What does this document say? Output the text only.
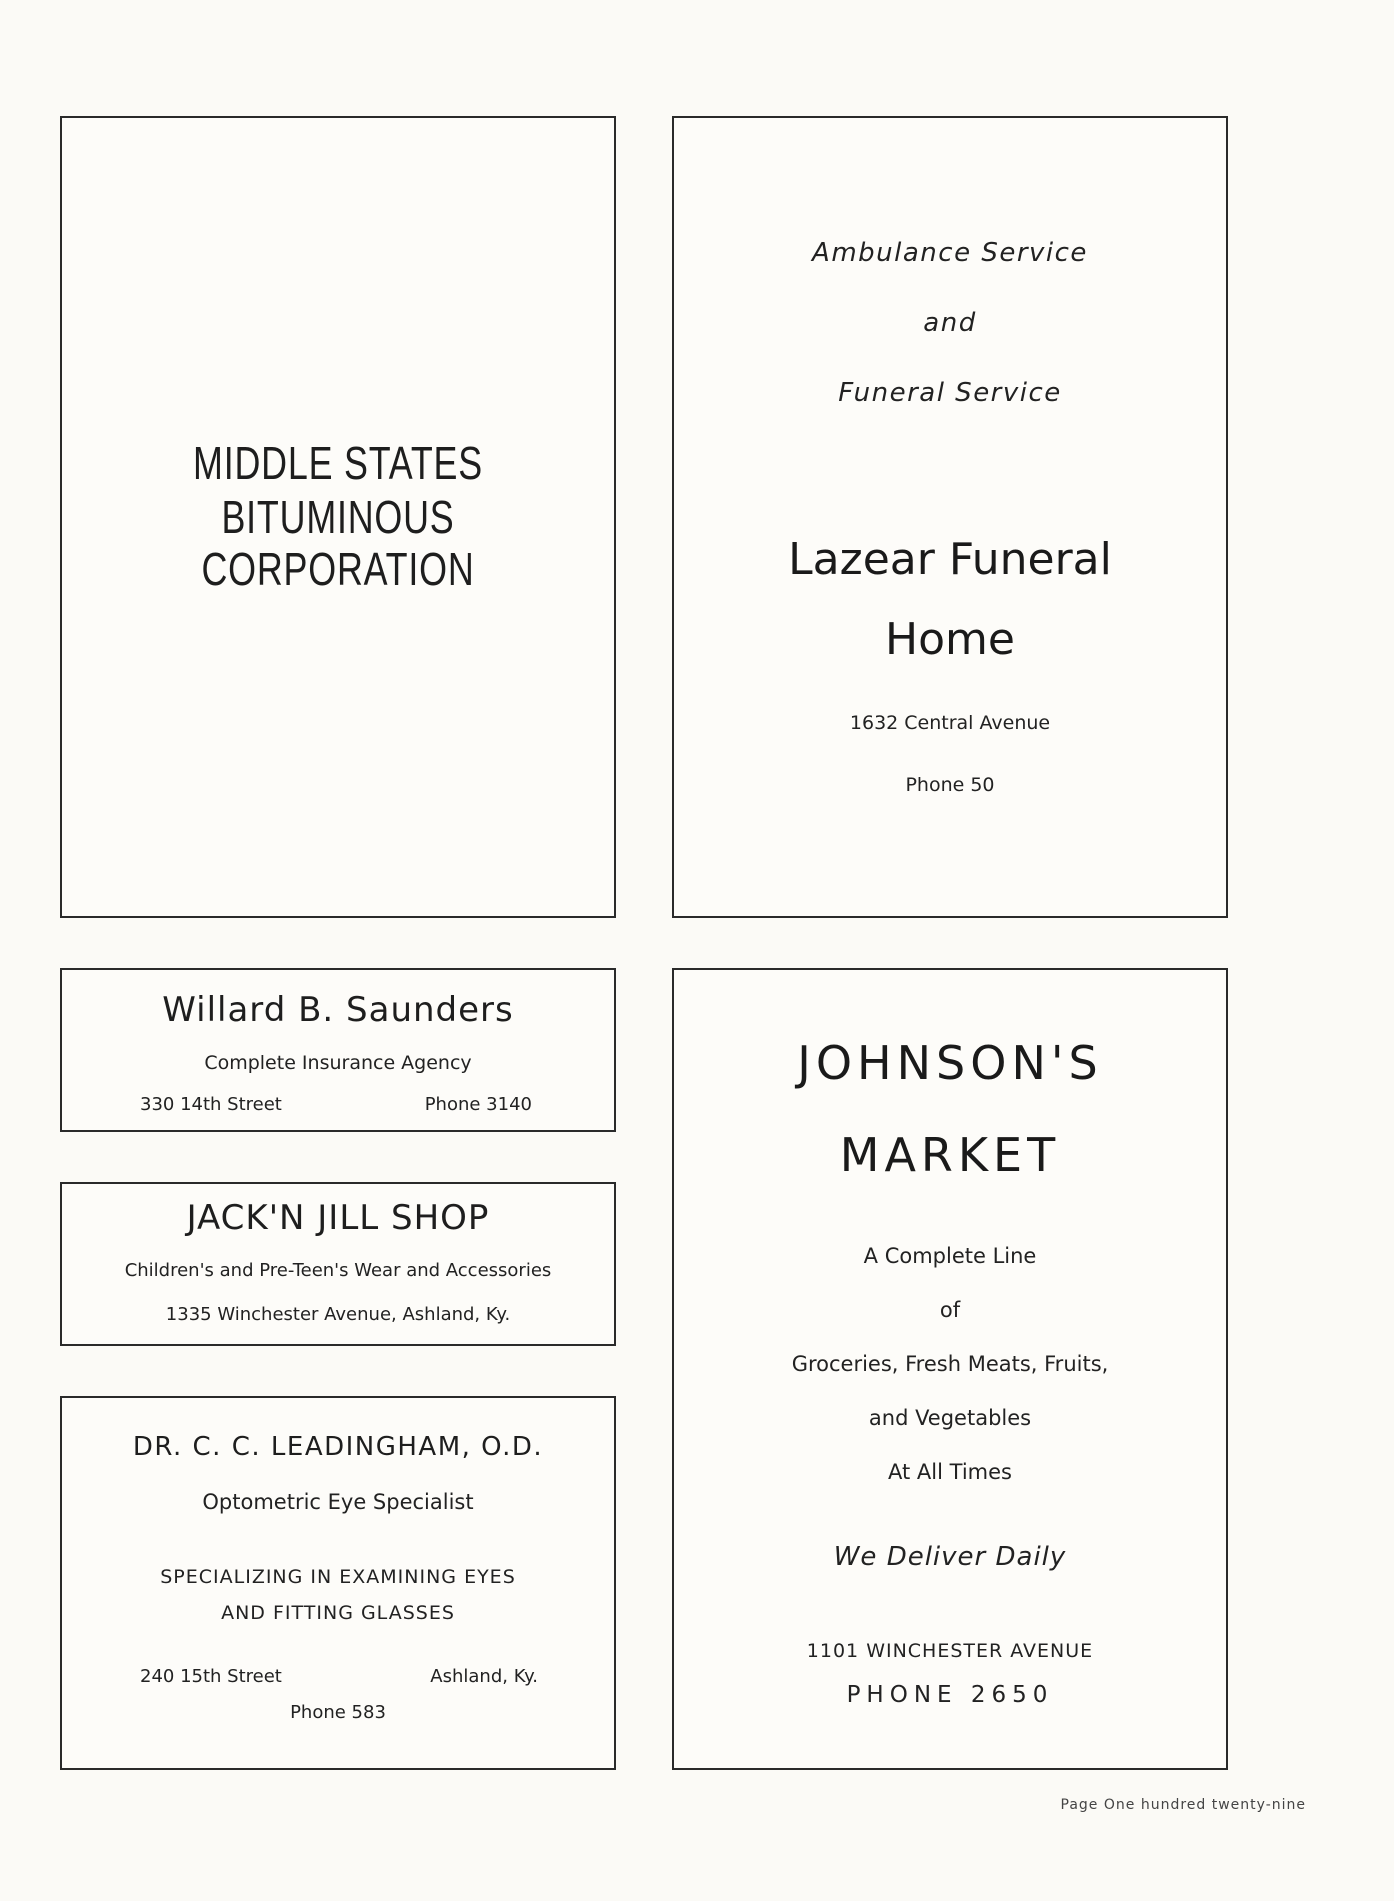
MIDDLE STATES BITUMINOUS
CORPORATION
Ambulance Service
and
Funeral Service
Lazear Funeral
Home
1632 Central Avenue
Phone 50
Willard B. Saunders
Complete Insurance Agency
330 14th Street	Phone 3140
JACK'N JILL SHOP
Children's and Pre-Teen's Wear and Accessories
1335 Winchester Avenue, Ashland, Ky.
DR. C. C. LEADINGHAM, O.D.
Optometric Eye Specialist
SPECIALIZING IN EXAMINING EYES
AND FITTING GLASSES
240 15th Street	Ashland, Ky.
Phone 583
JOHNSON'S
MARKET
A Complete Line
of
Groceries, Fresh Meats, Fruits,
and Vegetables
At All Times
We Deliver Daily
1101 WINCHESTER AVENUE
PHONE 2650
Page One hundred twenty-nine
